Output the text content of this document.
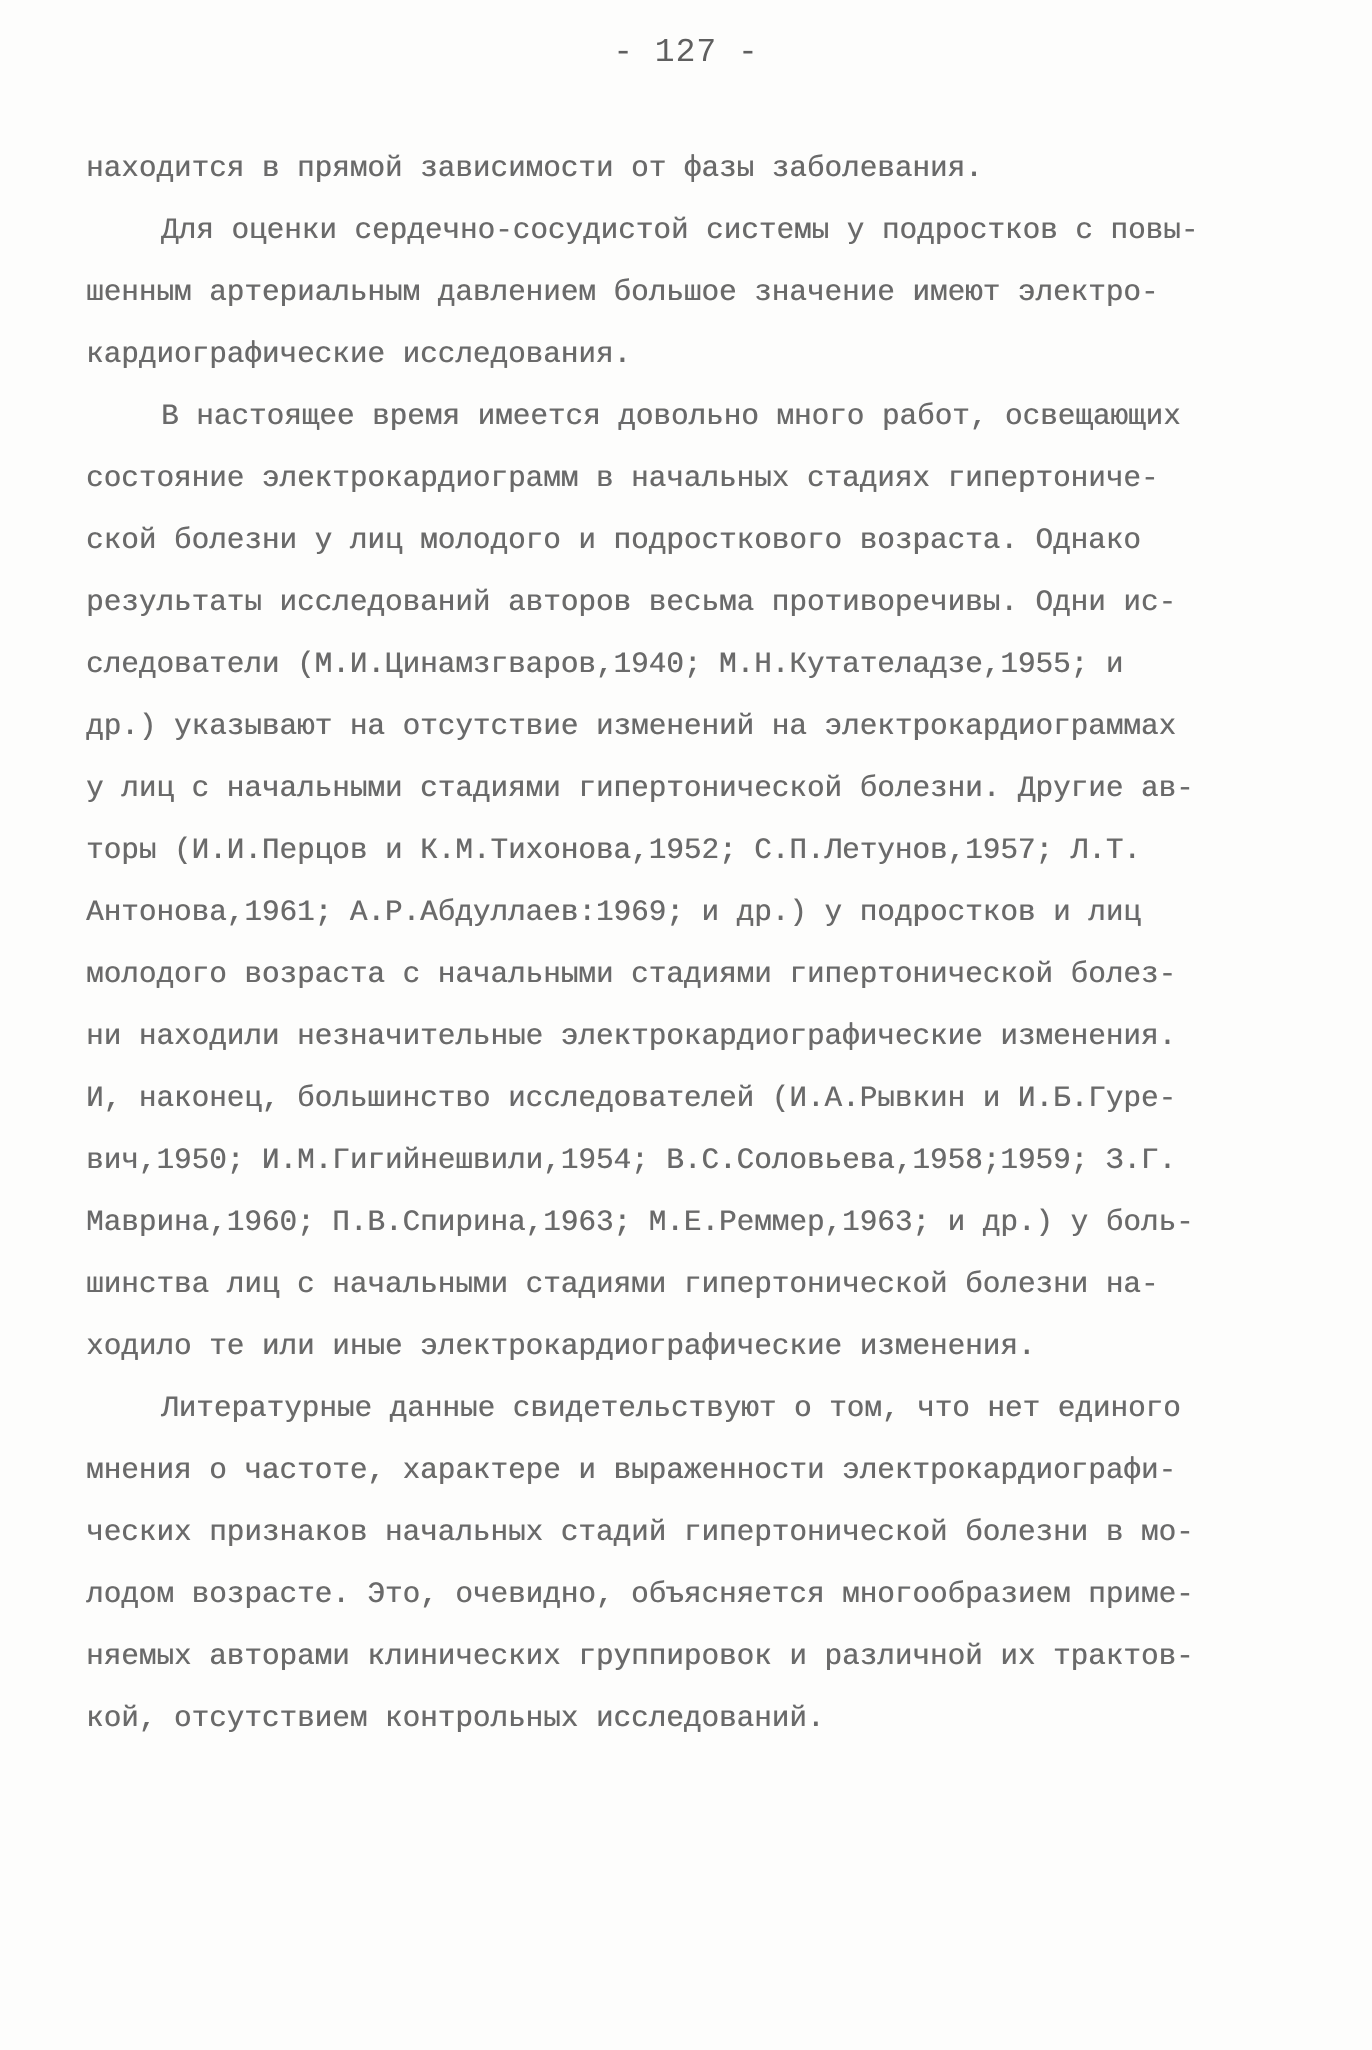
- 127 -
находится в прямой зависимости от фазы заболевания.
Для оценки сердечно-сосудистой системы у подростков с повы-
шенным артериальным давлением большое значение имеют электро-
кардиографические исследования.
В настоящее время имеется довольно много работ, освещающих
состояние электрокардиограмм в начальных стадиях гипертониче-
ской болезни у лиц молодого и подросткового возраста. Однако
результаты исследований авторов весьма противоречивы. Одни ис-
следователи (М.И.Цинамзгваров,1940; М.Н.Кутателадзе,1955; и
др.) указывают на отсутствие изменений на электрокардиограммах
у лиц с начальными стадиями гипертонической болезни. Другие ав-
торы (И.И.Перцов и К.М.Тихонова,1952; С.П.Летунов,1957; Л.Т.
Антонова,1961; А.Р.Абдуллаев:1969; и др.) у подростков и лиц
молодого возраста с начальными стадиями гипертонической болез-
ни находили незначительные электрокардиографические изменения.
И, наконец, большинство исследователей (И.А.Рывкин и И.Б.Гуре-
вич,1950; И.М.Гигийнешвили,1954; В.С.Соловьева,1958;1959; З.Г.
Маврина,1960; П.В.Спирина,1963; М.Е.Реммер,1963; и др.) у боль-
шинства лиц с начальными стадиями гипертонической болезни на-
ходило те или иные электрокардиографические изменения.
Литературные данные свидетельствуют о том, что нет единого
мнения о частоте, характере и выраженности электрокардиографи-
ческих признаков начальных стадий гипертонической болезни в мо-
лодом возрасте. Это, очевидно, объясняется многообразием приме-
няемых авторами клинических группировок и различной их трактов-
кой, отсутствием контрольных исследований.
